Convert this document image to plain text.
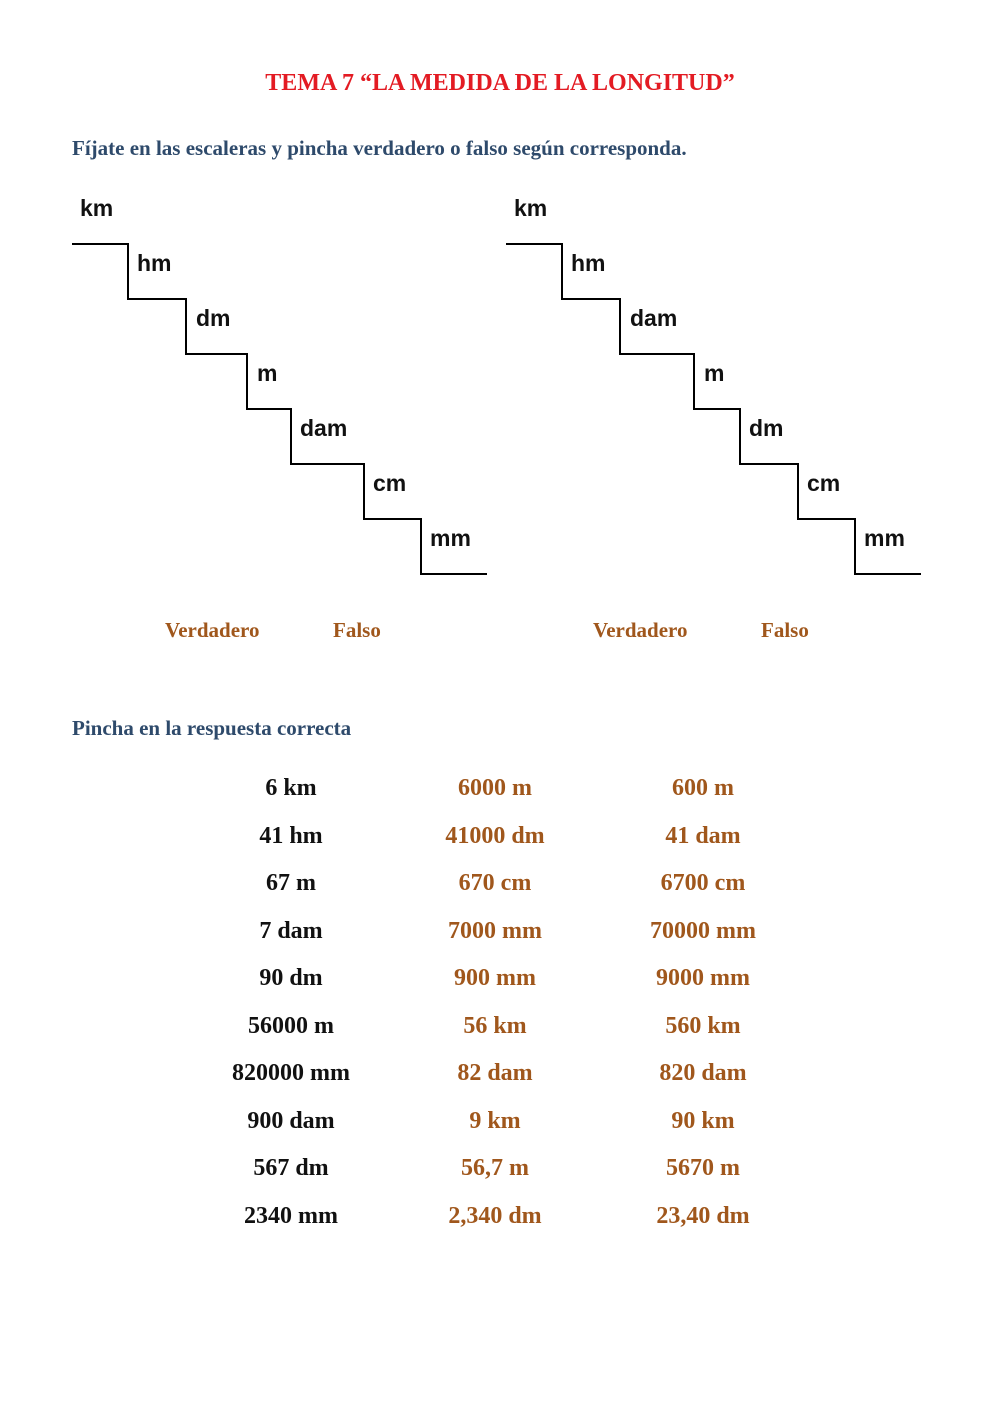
TEMA 7 “LA MEDIDA DE LA LONGITUD”
Fíjate en las escaleras y pincha verdadero o falso según corresponda.
km
hm
dm
m
dam
cm
mm
km
hm
dam
m
dm
cm
mm
Verdadero	Falso	Verdadero	Falso
Pincha en la respuesta correcta
6 km	6000 m	600 m
41 hm	41000 dm	41 dam
67 m	670 cm	6700 cm
7 dam	7000 mm	70000 mm
90 dm	900 mm	9000 mm
56000 m	56 km	560 km
820000 mm	82 dam	820 dam
900 dam	9 km	90 km
567 dm	56,7 m	5670 m
2340 mm	2,340 dm	23,40 dm
